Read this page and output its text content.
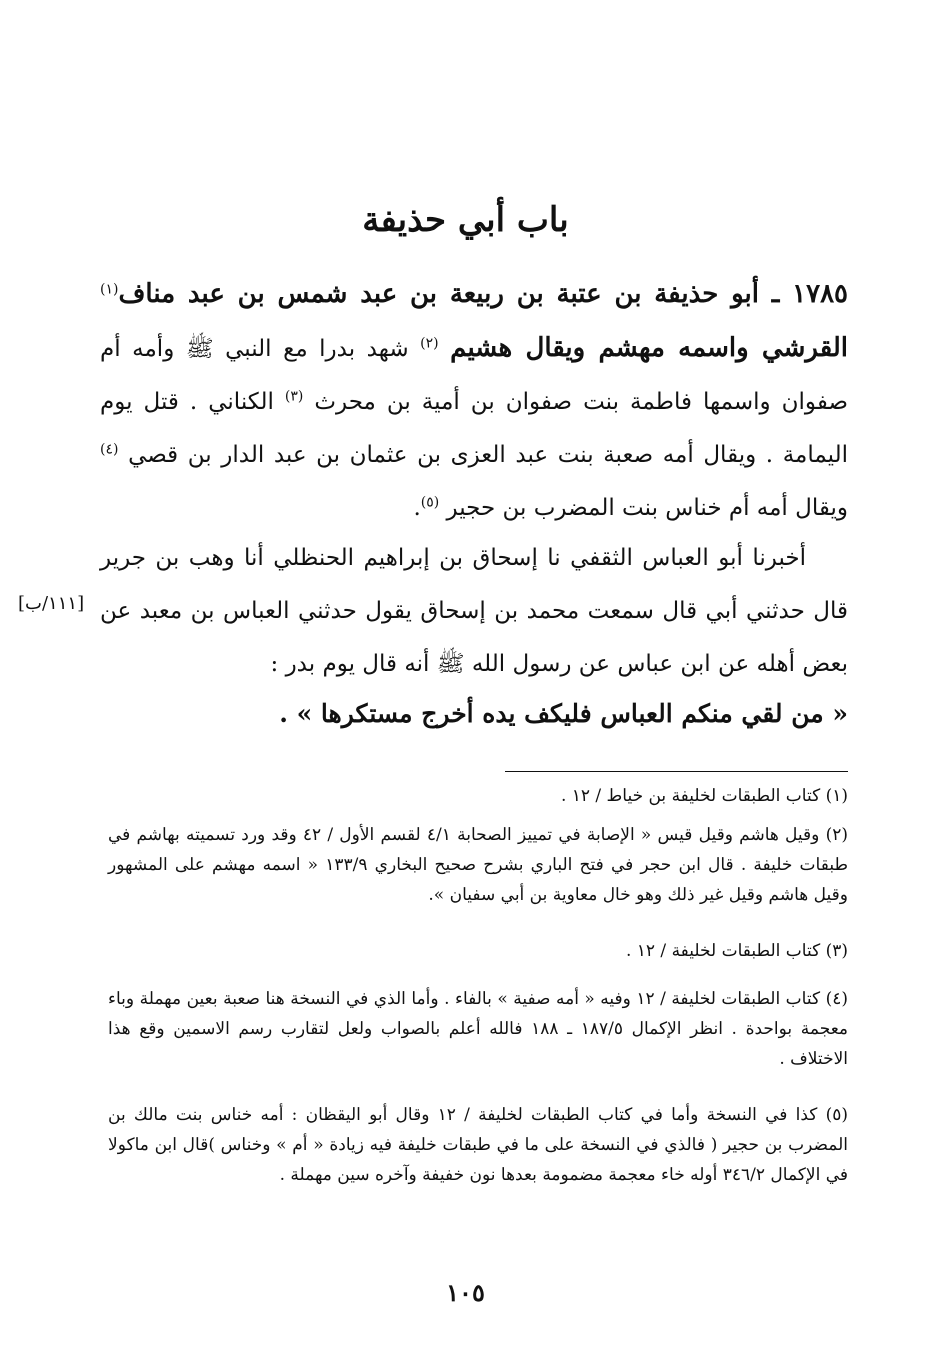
باب أبي حذيفة
١٧٨٥ ـ أبو حذيفة بن عتبة بن ربيعة بن عبد شمس بن عبد مناف$^{(١)}$ القرشي واسمه مهشم ويقال هشيم $^{(٢)}$ شهد بدرا مع النبي ﷺ وأمه أم صفوان واسمها فاطمة بنت صفوان بن أمية بن محرث $^{(٣)}$ الكناني . قتل يوم اليمامة . ويقال أمه صعبة بنت عبد العزى بن عثمان بن عبد الدار بن قصي $^{(٤)}$ ويقال أمه أم خناس بنت المضرب بن حجير $^{(٥)}$.
أخبرنا أبو العباس الثقفي نا إسحاق بن إبراهيم الحنظلي أنا وهب بن جرير قال حدثني أبي قال سمعت محمد بن إسحاق يقول حدثني العباس بن معبد عن بعض أهله عن ابن عباس عن رسول الله ﷺ أنه قال يوم بدر :
[١١١/ب]
« من لقي منكم العباس فليكف يده أخرج مستكرها » .
(١) كتاب الطبقات لخليفة بن خياط / ١٢ .
(٢) وقيل هاشم وقيل قيس « الإصابة في تمييز الصحابة ٤/١ لقسم الأول / ٤٢ وقد ورد تسميته بهاشم في طبقات خليفة . قال ابن حجر في فتح الباري بشرح صحيح البخاري ١٣٣/٩ « اسمه مهشم على المشهور وقيل هاشم وقيل غير ذلك وهو خال معاوية بن أبي سفيان ».
(٣) كتاب الطبقات لخليفة / ١٢ .
(٤) كتاب الطبقات لخليفة / ١٢ وفيه « أمه صفية » بالفاء . وأما الذي في النسخة هنا صعبة بعين مهملة وباء معجمة بواحدة . انظر الإكمال ١٨٧/٥ ـ ١٨٨ فالله أعلم بالصواب ولعل لتقارب رسم الاسمين وقع هذا الاختلاف .
(٥) كذا في النسخة وأما في كتاب الطبقات لخليفة / ١٢ وقال أبو اليقظان : أمه خناس بنت مالك بن المضرب بن حجير ( فالذي في النسخة على ما في طبقات خليفة فيه زيادة « أم » وخناس )قال ابن ماكولا في الإكمال ٣٤٦/٢ أوله خاء معجمة مضمومة بعدها نون خفيفة وآخره سين مهملة .
١٠٥
